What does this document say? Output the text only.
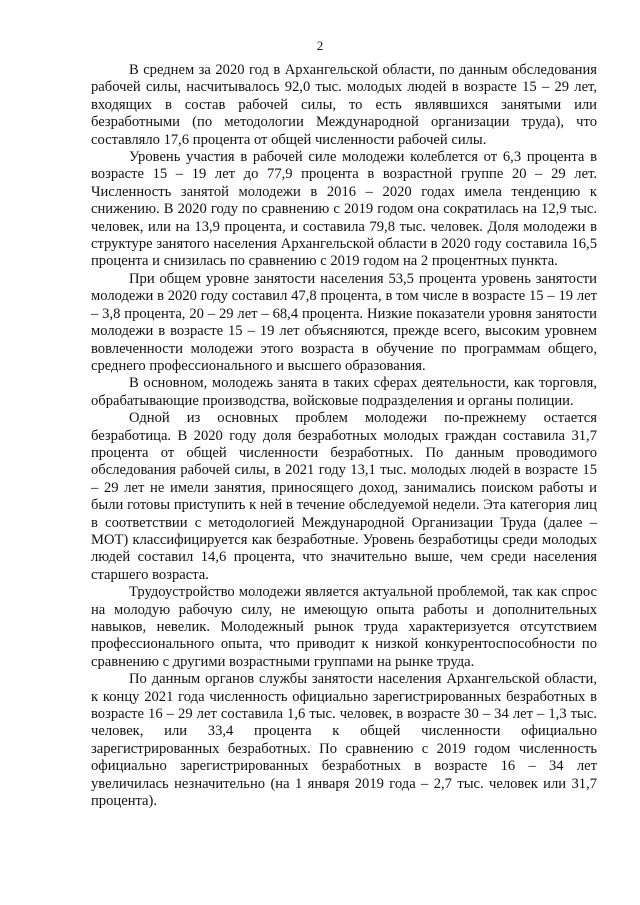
2

В среднем за 2020 год в Архангельской области, по данным обследования рабочей силы, насчитывалось 92,0 тыс. молодых людей в возрасте 15 – 29 лет, входящих в состав рабочей силы, то есть являвшихся занятыми или безработными (по методологии Международной организации труда), что составляло 17,6 процента от общей численности рабочей силы.

Уровень участия в рабочей силе молодежи колеблется от 6,3 процента в возрасте 15 – 19 лет до 77,9 процента в возрастной группе 20 – 29 лет. Численность занятой молодежи в 2016 – 2020 годах имела тенденцию к снижению. В 2020 году по сравнению с 2019 годом она сократилась на 12,9 тыс. человек, или на 13,9 процента, и составила 79,8 тыс. человек. Доля молодежи в структуре занятого населения Архангельской области в 2020 году составила 16,5 процента и снизилась по сравнению с 2019 годом на 2 процентных пункта.

При общем уровне занятости населения 53,5 процента уровень занятости молодежи в 2020 году составил 47,8 процента, в том числе в возрасте 15 – 19 лет – 3,8 процента, 20 – 29 лет – 68,4 процента. Низкие показатели уровня занятости молодежи в возрасте 15 – 19 лет объясняются, прежде всего, высоким уровнем вовлеченности молодежи этого возраста в обучение по программам общего, среднего профессионального и высшего образования.

В основном, молодежь занята в таких сферах деятельности, как торговля, обрабатывающие производства, войсковые подразделения и органы полиции.

Одной из основных проблем молодежи по-прежнему остается безработица. В 2020 году доля безработных молодых граждан составила 31,7 процента от общей численности безработных. По данным проводимого обследования рабочей силы, в 2021 году 13,1 тыс. молодых людей в возрасте 15 – 29 лет не имели занятия, приносящего доход, занимались поиском работы и были готовы приступить к ней в течение обследуемой недели. Эта категория лиц в соответствии с методологией Международной Организации Труда (далее – МОТ) классифицируется как безработные. Уровень безработицы среди молодых людей составил 14,6 процента, что значительно выше, чем среди населения старшего возраста.

Трудоустройство молодежи является актуальной проблемой, так как спрос на молодую рабочую силу, не имеющую опыта работы и дополнительных навыков, невелик. Молодежный рынок труда характеризуется отсутствием профессионального опыта, что приводит к низкой конкурентоспособности по сравнению с другими возрастными группами на рынке труда.

По данным органов службы занятости населения Архангельской области, к концу 2021 года численность официально зарегистрированных безработных в возрасте 16 – 29 лет составила 1,6 тыс. человек, в возрасте 30 – 34 лет – 1,3 тыс. человек, или 33,4 процента к общей численности официально зарегистрированных безработных. По сравнению с 2019 годом численность официально зарегистрированных безработных в возрасте 16 – 34 лет увеличилась незначительно (на 1 января 2019 года – 2,7 тыс. человек или 31,7 процента).
